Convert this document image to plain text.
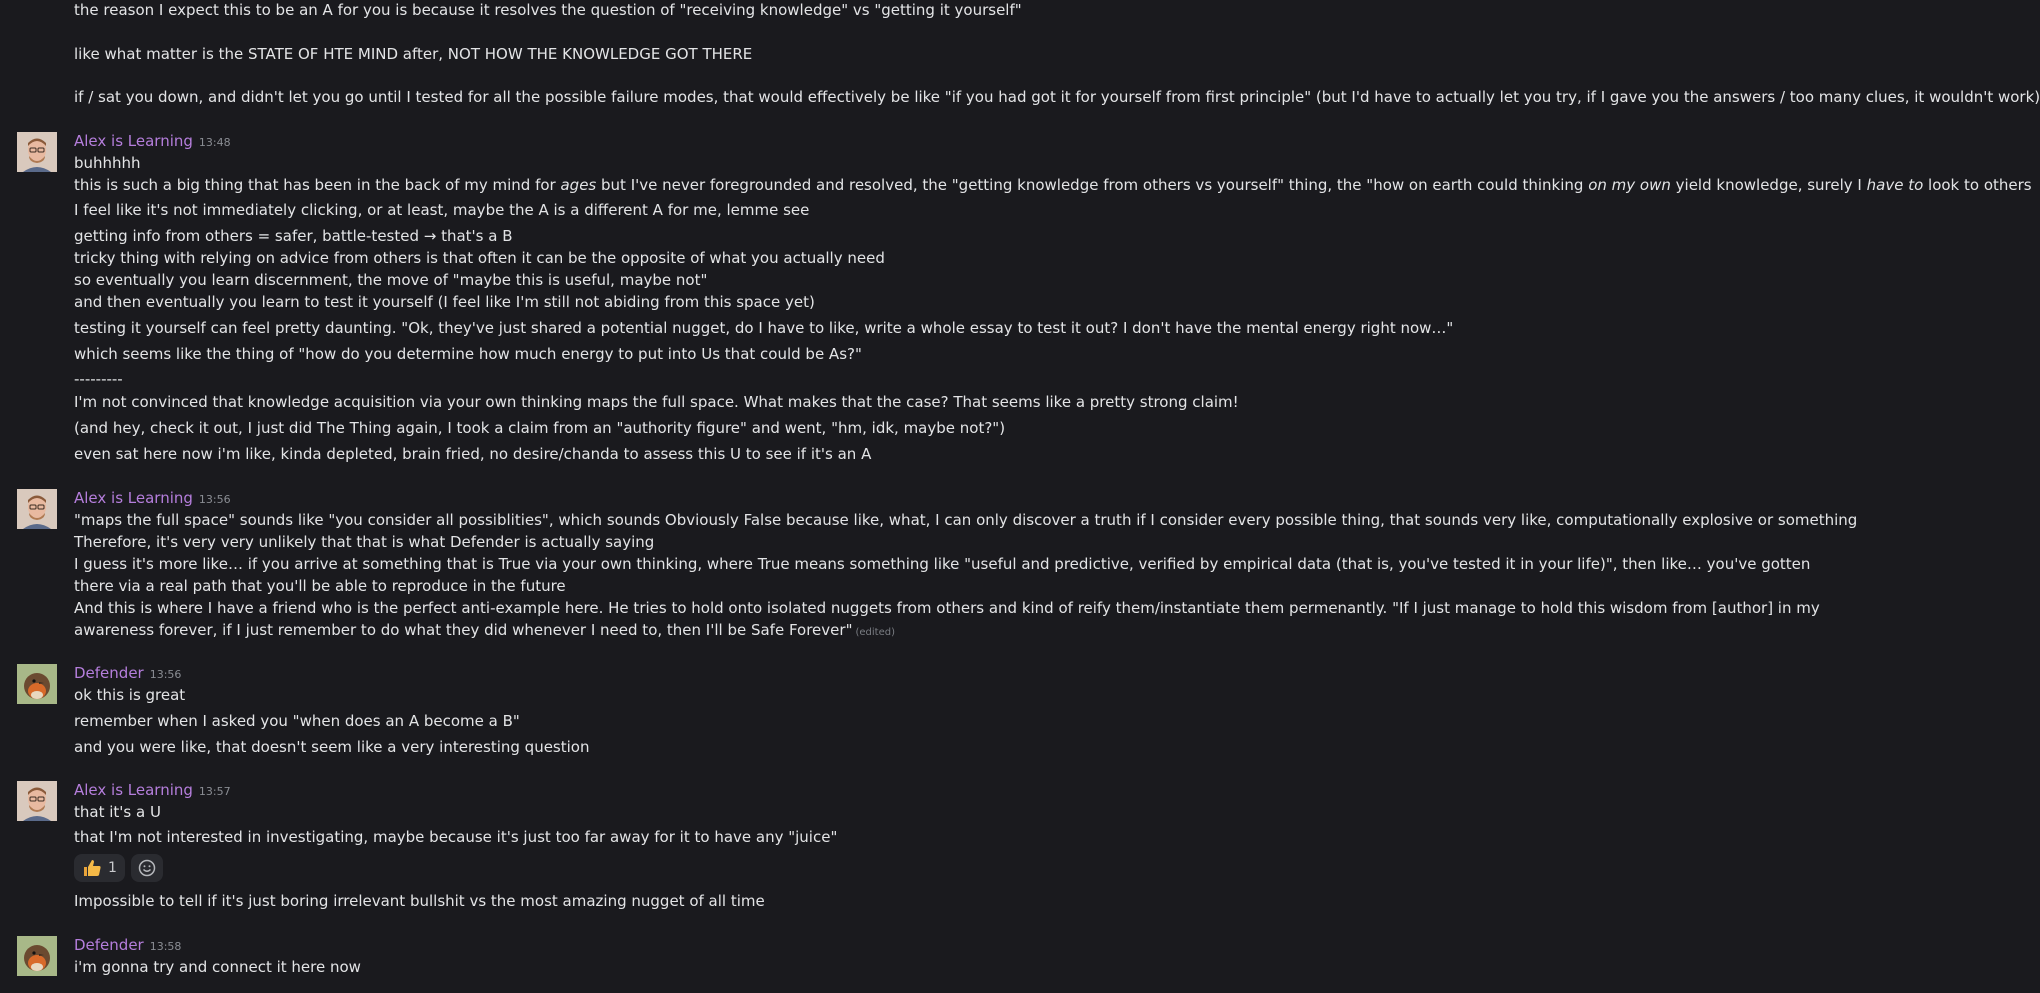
the reason I expect this to be an A for you is because it resolves the question of "receiving knowledge" vs "getting it yourself"
like what matter is the STATE OF HTE MIND after, NOT HOW THE KNOWLEDGE GOT THERE
if / sat you down, and didn't let you go until I tested for all the possible failure modes, that would effectively be like "if you had got it for yourself from first principle" (but I'd have to actually let you try, if I gave you the answers / too many clues, it wouldn't work)
Alex is Learning 13:48
buhhhhh
this is such a big thing that has been in the back of my mind for ages but I've never foregrounded and resolved, the "getting knowledge from others vs yourself" thing, the "how on earth could thinking on my own yield knowledge, surely I have to look to others
I feel like it's not immediately clicking, or at least, maybe the A is a different A for me, lemme see
getting info from others = safer, battle-tested → that's a B
tricky thing with relying on advice from others is that often it can be the opposite of what you actually need
so eventually you learn discernment, the move of "maybe this is useful, maybe not"
and then eventually you learn to test it yourself (I feel like I'm still not abiding from this space yet)
testing it yourself can feel pretty daunting. "Ok, they've just shared a potential nugget, do I have to like, write a whole essay to test it out? I don't have the mental energy right now…"
which seems like the thing of "how do you determine how much energy to put into Us that could be As?"
---------
I'm not convinced that knowledge acquisition via your own thinking maps the full space. What makes that the case? That seems like a pretty strong claim!
(and hey, check it out, I just did The Thing again, I took a claim from an "authority figure" and went, "hm, idk, maybe not?")
even sat here now i'm like, kinda depleted, brain fried, no desire/chanda to assess this U to see if it's an A
Alex is Learning 13:56
"maps the full space" sounds like "you consider all possiblities", which sounds Obviously False because like, what, I can only discover a truth if I consider every possible thing, that sounds very like, computationally explosive or something
Therefore, it's very very unlikely that that is what Defender is actually saying
I guess it's more like… if you arrive at something that is True via your own thinking, where True means something like "useful and predictive, verified by empirical data (that is, you've tested it in your life)", then like… you've gotten there via a real path that you'll be able to reproduce in the future
And this is where I have a friend who is the perfect anti-example here. He tries to hold onto isolated nuggets from others and kind of reify them/instantiate them permenantly. "If I just manage to hold this wisdom from [author] in my awareness forever, if I just remember to do what they did whenever I need to, then I'll be Safe Forever" (edited)
Defender 13:56
ok this is great
remember when I asked you "when does an A become a B"
and you were like, that doesn't seem like a very interesting question
Alex is Learning 13:57
that it's a U
that I'm not interested in investigating, maybe because it's just too far away for it to have any "juice"
1
Impossible to tell if it's just boring irrelevant bullshit vs the most amazing nugget of all time
Defender 13:58
i'm gonna try and connect it here now
